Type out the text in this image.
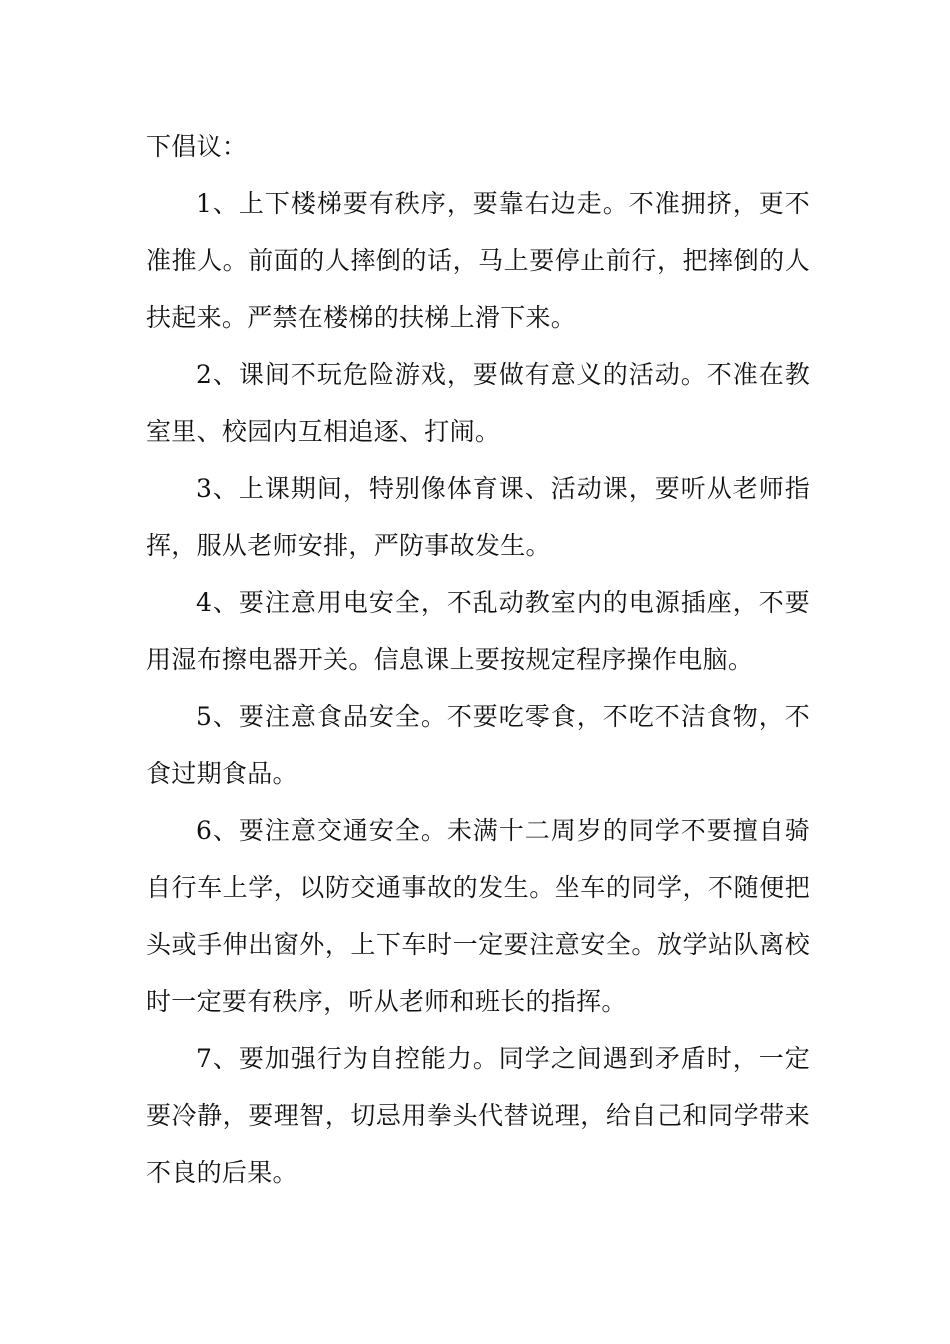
下倡议：

1、上下楼梯要有秩序，要靠右边走。不准拥挤，更不准推人。前面的人摔倒的话，马上要停止前行，把摔倒的人扶起来。严禁在楼梯的扶梯上滑下来。

2、课间不玩危险游戏，要做有意义的活动。不准在教室里、校园内互相追逐、打闹。

3、上课期间，特别像体育课、活动课，要听从老师指挥，服从老师安排，严防事故发生。

4、要注意用电安全，不乱动教室内的电源插座，不要用湿布擦电器开关。信息课上要按规定程序操作电脑。

5、要注意食品安全。不要吃零食，不吃不洁食物，不食过期食品。

6、要注意交通安全。未满十二周岁的同学不要擅自骑自行车上学，以防交通事故的发生。坐车的同学，不随便把头或手伸出窗外，上下车时一定要注意安全。放学站队离校时一定要有秩序，听从老师和班长的指挥。

7、要加强行为自控能力。同学之间遇到矛盾时，一定要冷静，要理智，切忌用拳头代替说理，给自己和同学带来不良的后果。
